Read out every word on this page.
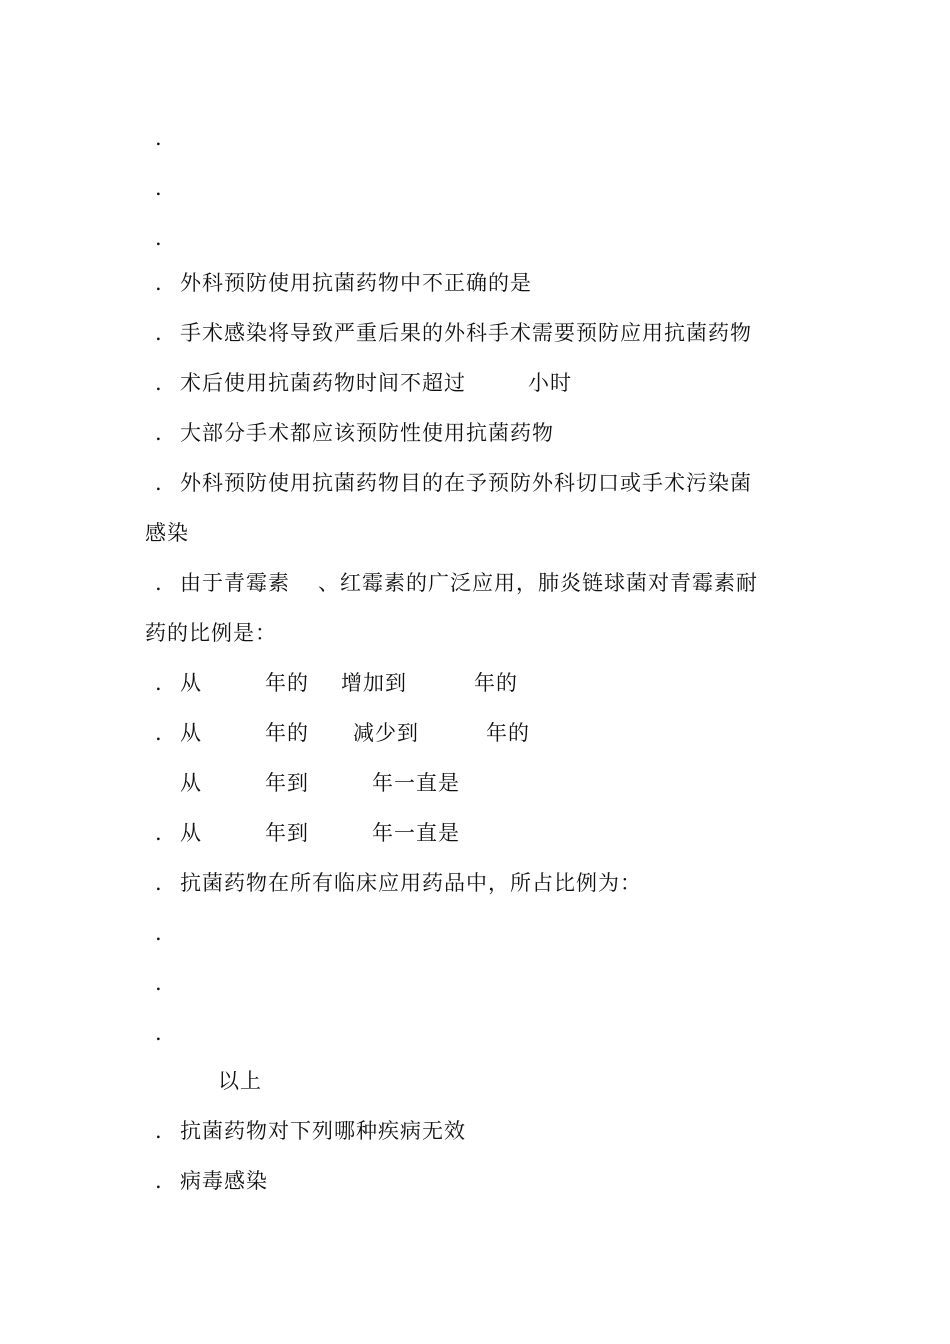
.

.

.

.

外科预防使用抗菌药物中不正确的是

.

手术感染将导致严重后果的外科手术需要预防应用抗菌药物

.

术后使用抗菌药物时间不超过

	小时

.

大部分手术都应该预防性使用抗菌药物

.

外科预防使用抗菌药物目的在予预防外科切口或手术污染菌

感染

.

由于青霉素

、红霉素的广泛应用，肺炎链球菌对青霉素耐

药的比例是：

.

从

	年的

增加到

	年的

.

从

	年的

减少到

	年的

从

	年到

	年一直是

.

从

	年到

	年一直是

.

抗菌药物在所有临床应用药品中，所占比例为：

.

.

.

以上

.

抗菌药物对下列哪种疾病无效

.

病毒感染
